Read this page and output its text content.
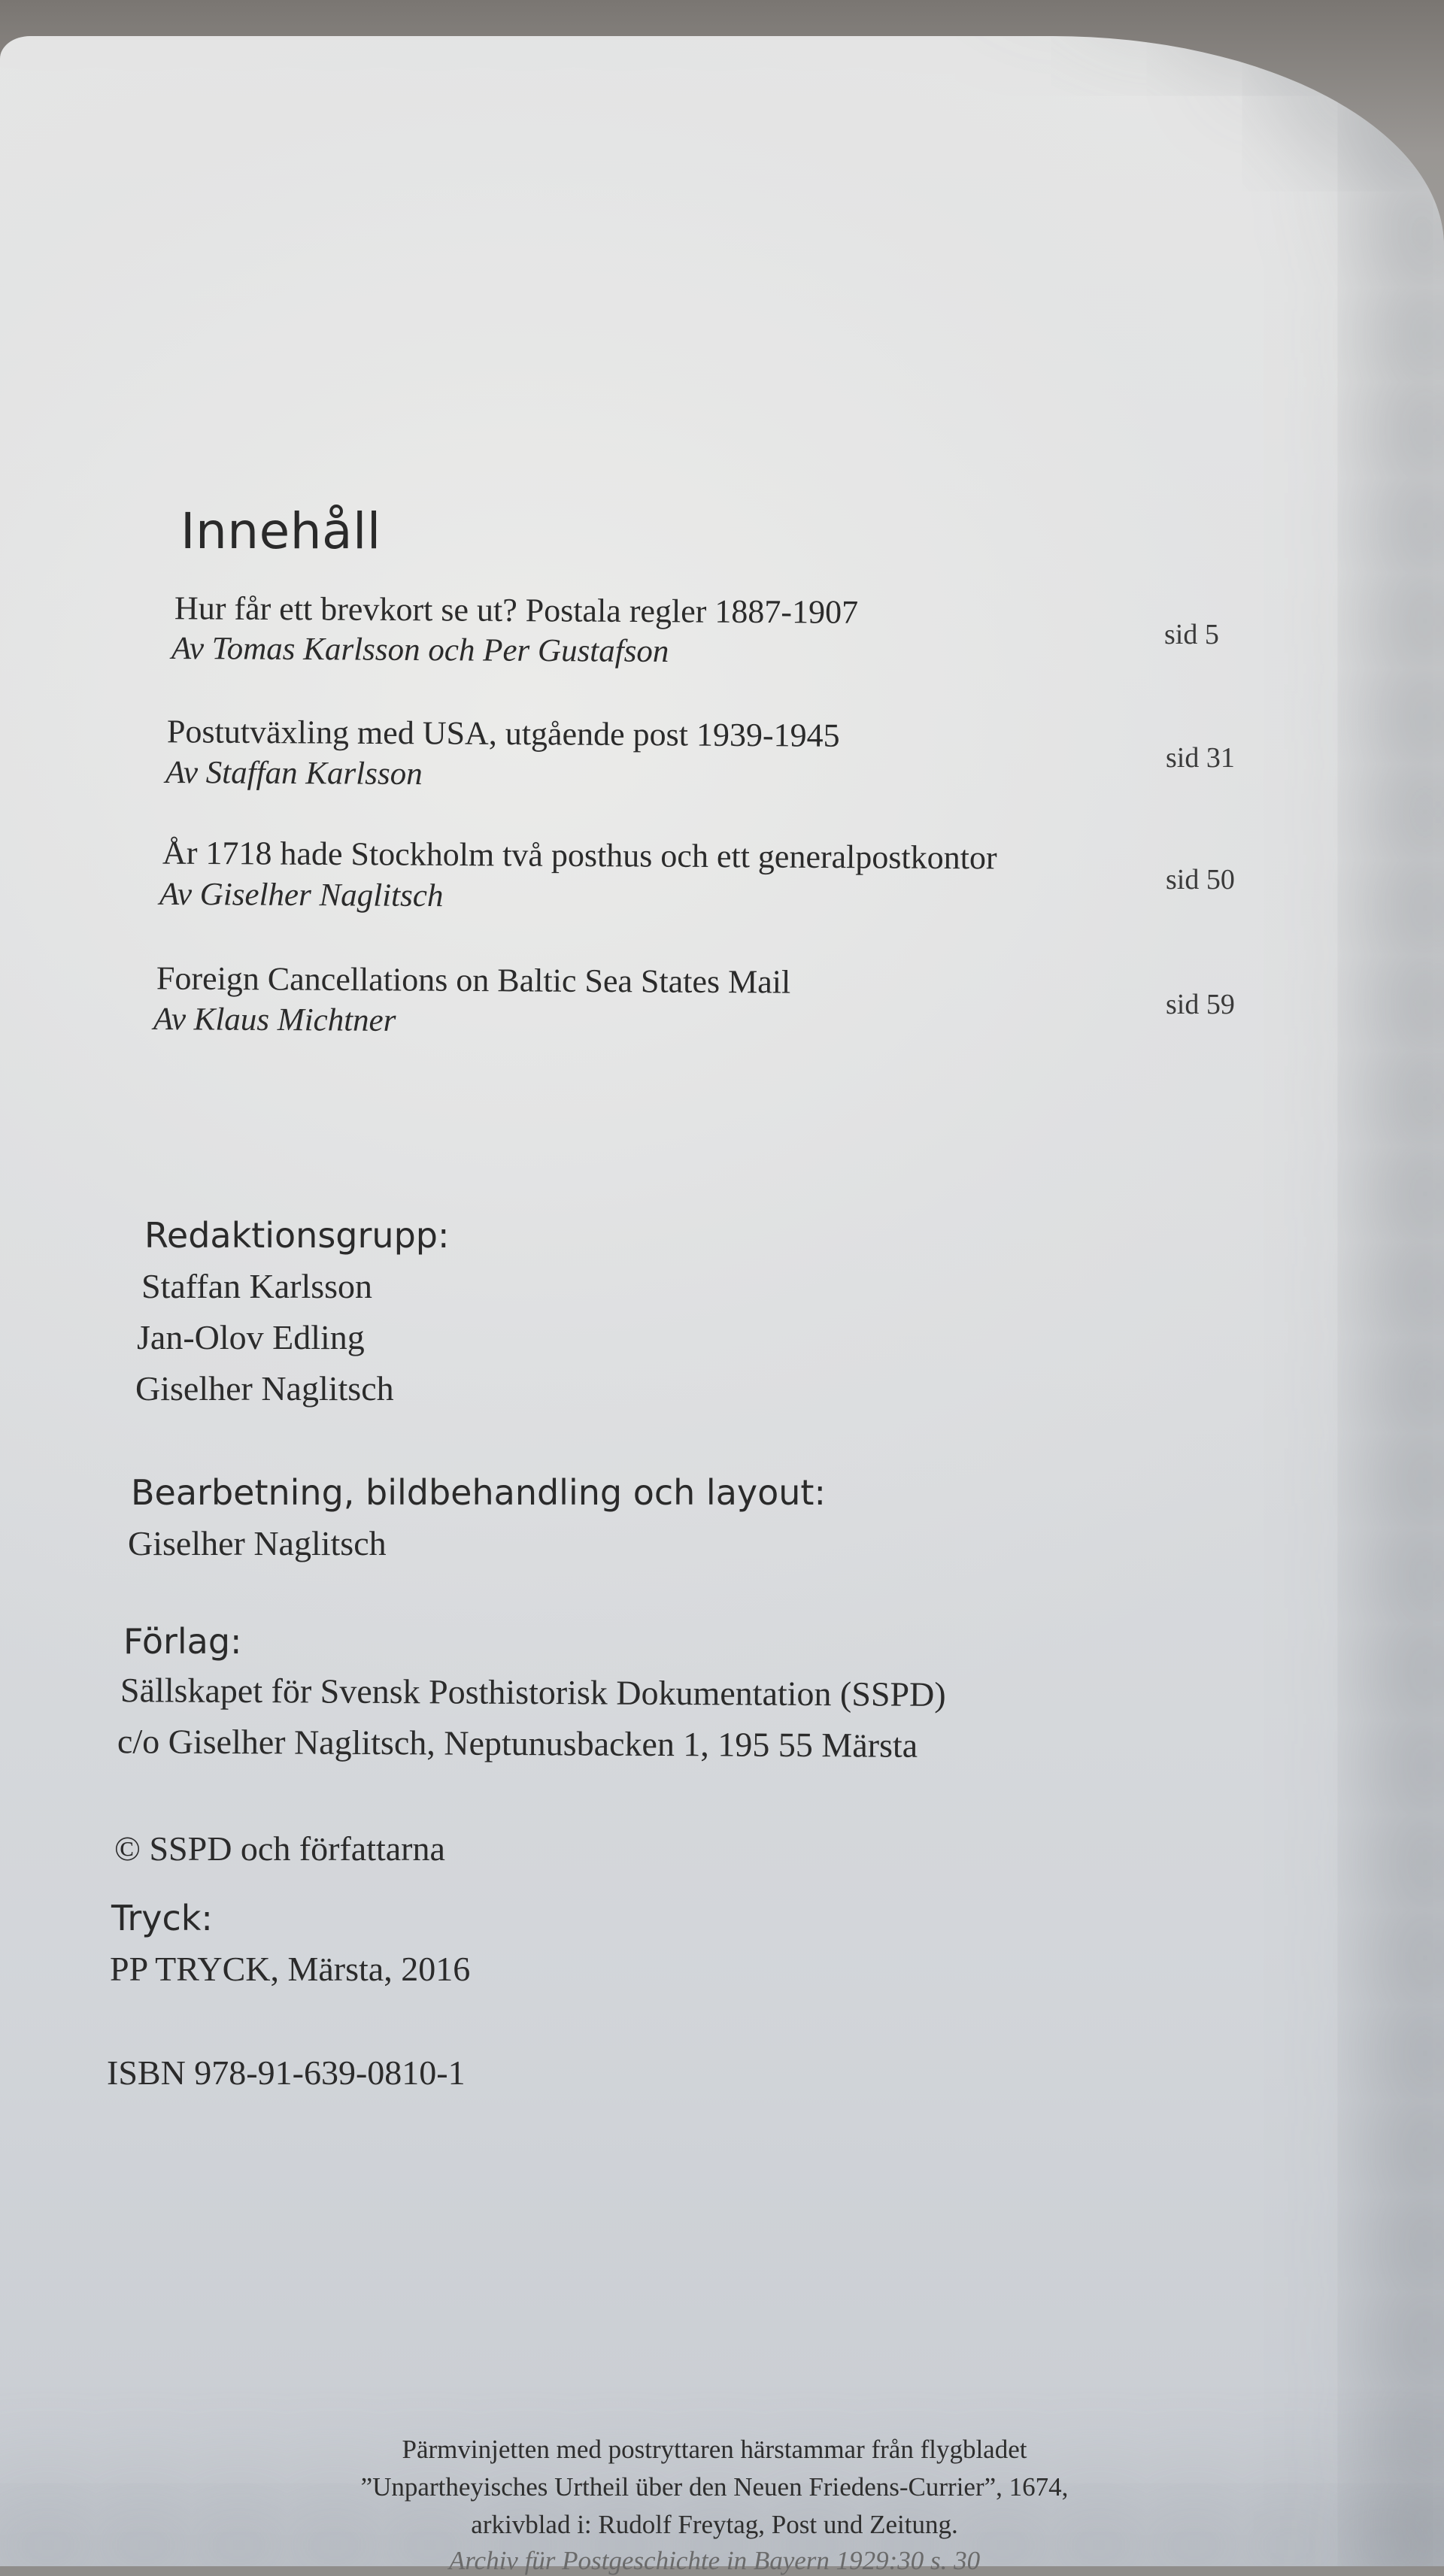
Innehåll
Hur får ett brevkort se ut? Postala regler 1887-1907
Av Tomas Karlsson och Per Gustafson	sid 5
Postutväxling med USA, utgående post 1939-1945
Av Staffan Karlsson	sid 31
År 1718 hade Stockholm två posthus och ett generalpostkontor
Av Giselher Naglitsch	sid 50
Foreign Cancellations on Baltic Sea States Mail
Av Klaus Michtner	sid 59
Redaktionsgrupp:
Staffan Karlsson
Jan-Olov Edling
Giselher Naglitsch
Bearbetning, bildbehandling och layout:
Giselher Naglitsch
Förlag:
Sällskapet för Svensk Posthistorisk Dokumentation (SSPD)
c/o Giselher Naglitsch, Neptunusbacken 1, 195 55 Märsta
© SSPD och författarna
Tryck:
PP TRYCK, Märsta, 2016
ISBN 978-91-639-0810-1
Pärmvinjetten med postryttaren härstammar från flygbladet
”Unpartheyisches Urtheil über den Neuen Friedens-Currier”, 1674,
arkivblad i: Rudolf Freytag, Post und Zeitung.
Archiv für Postgeschichte in Bayern 1929:30 s. 30
